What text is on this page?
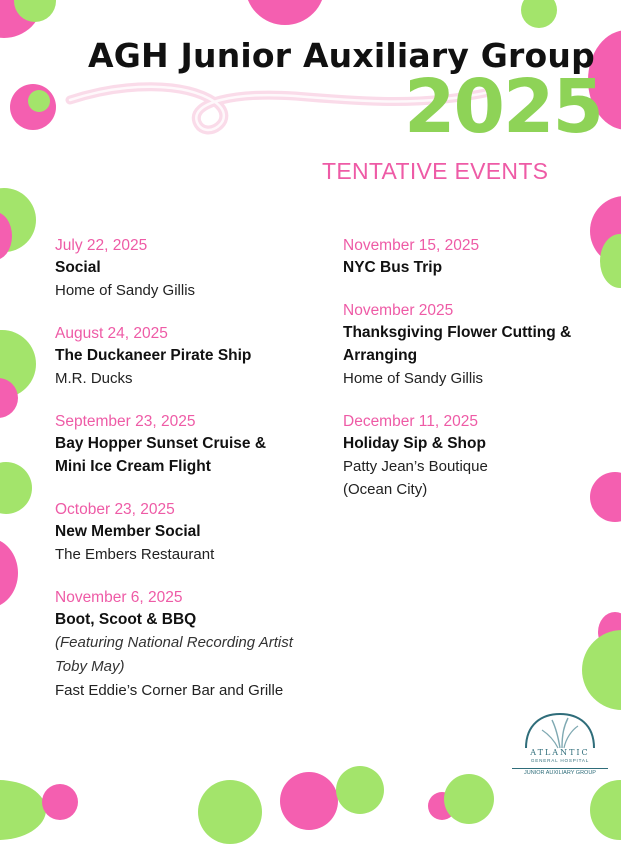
AGH Junior Auxiliary Group
2025
TENTATIVE EVENTS
July 22, 2025
Social
Home of Sandy Gillis
August 24, 2025
The Duckaneer Pirate Ship
M.R. Ducks
September 23, 2025
Bay Hopper Sunset Cruise & Mini Ice Cream Flight
October 23, 2025
New Member Social
The Embers Restaurant
November 6, 2025
Boot, Scoot & BBQ
(Featuring National Recording Artist Toby May)
Fast Eddie’s Corner Bar and Grille
November 15, 2025
NYC Bus Trip
November 2025
Thanksgiving Flower Cutting & Arranging
Home of Sandy Gillis
December 11, 2025
Holiday Sip & Shop
Patty Jean’s Boutique
(Ocean City)
ATLANTIC
GENERAL HOSPITAL
JUNIOR AUXILIARY GROUP
